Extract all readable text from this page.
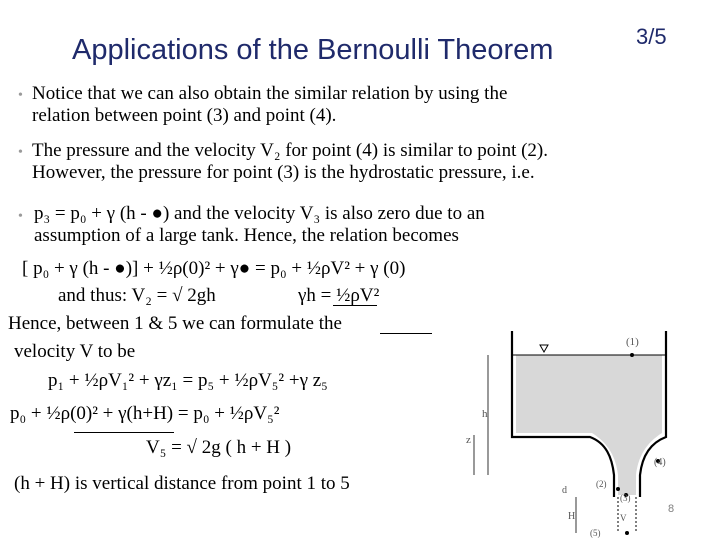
Applications of the Bernoulli Theorem	3/5
• Notice that we can also obtain the similar relation by using the
relation between point (3) and point (4).
• The pressure and the velocity V₂ for point (4) is similar to point (2).
However, the pressure for point (3) is the hydrostatic pressure, i.e.
• p₃ = p₀ + γ (h - ●) and the velocity V₃ is also zero due to an
assumption of a large tank. Hence, the relation becomes
[ p₀ + γ (h - ●)] + ½ρ(0)² + γ● = p₀ + ½ρV² + γ (0)
and thus: V₂ = √ 2gh	γh = ½ρV²
Hence, between 1 & 5 we can formulate the
velocity V to be
p₁ + ½ρV₁² + γz₁ = p₅ + ½ρV₅² +γ z₅
p₀ + ½ρ(0)² + γ(h+H) = p₀ + ½ρV₅²
V₅ = √ 2g ( h + H )
(h + H) is vertical distance from point 1 to 5
(1)
(4)
h
z
(2)
(3)
(5)
H
d
V
8
